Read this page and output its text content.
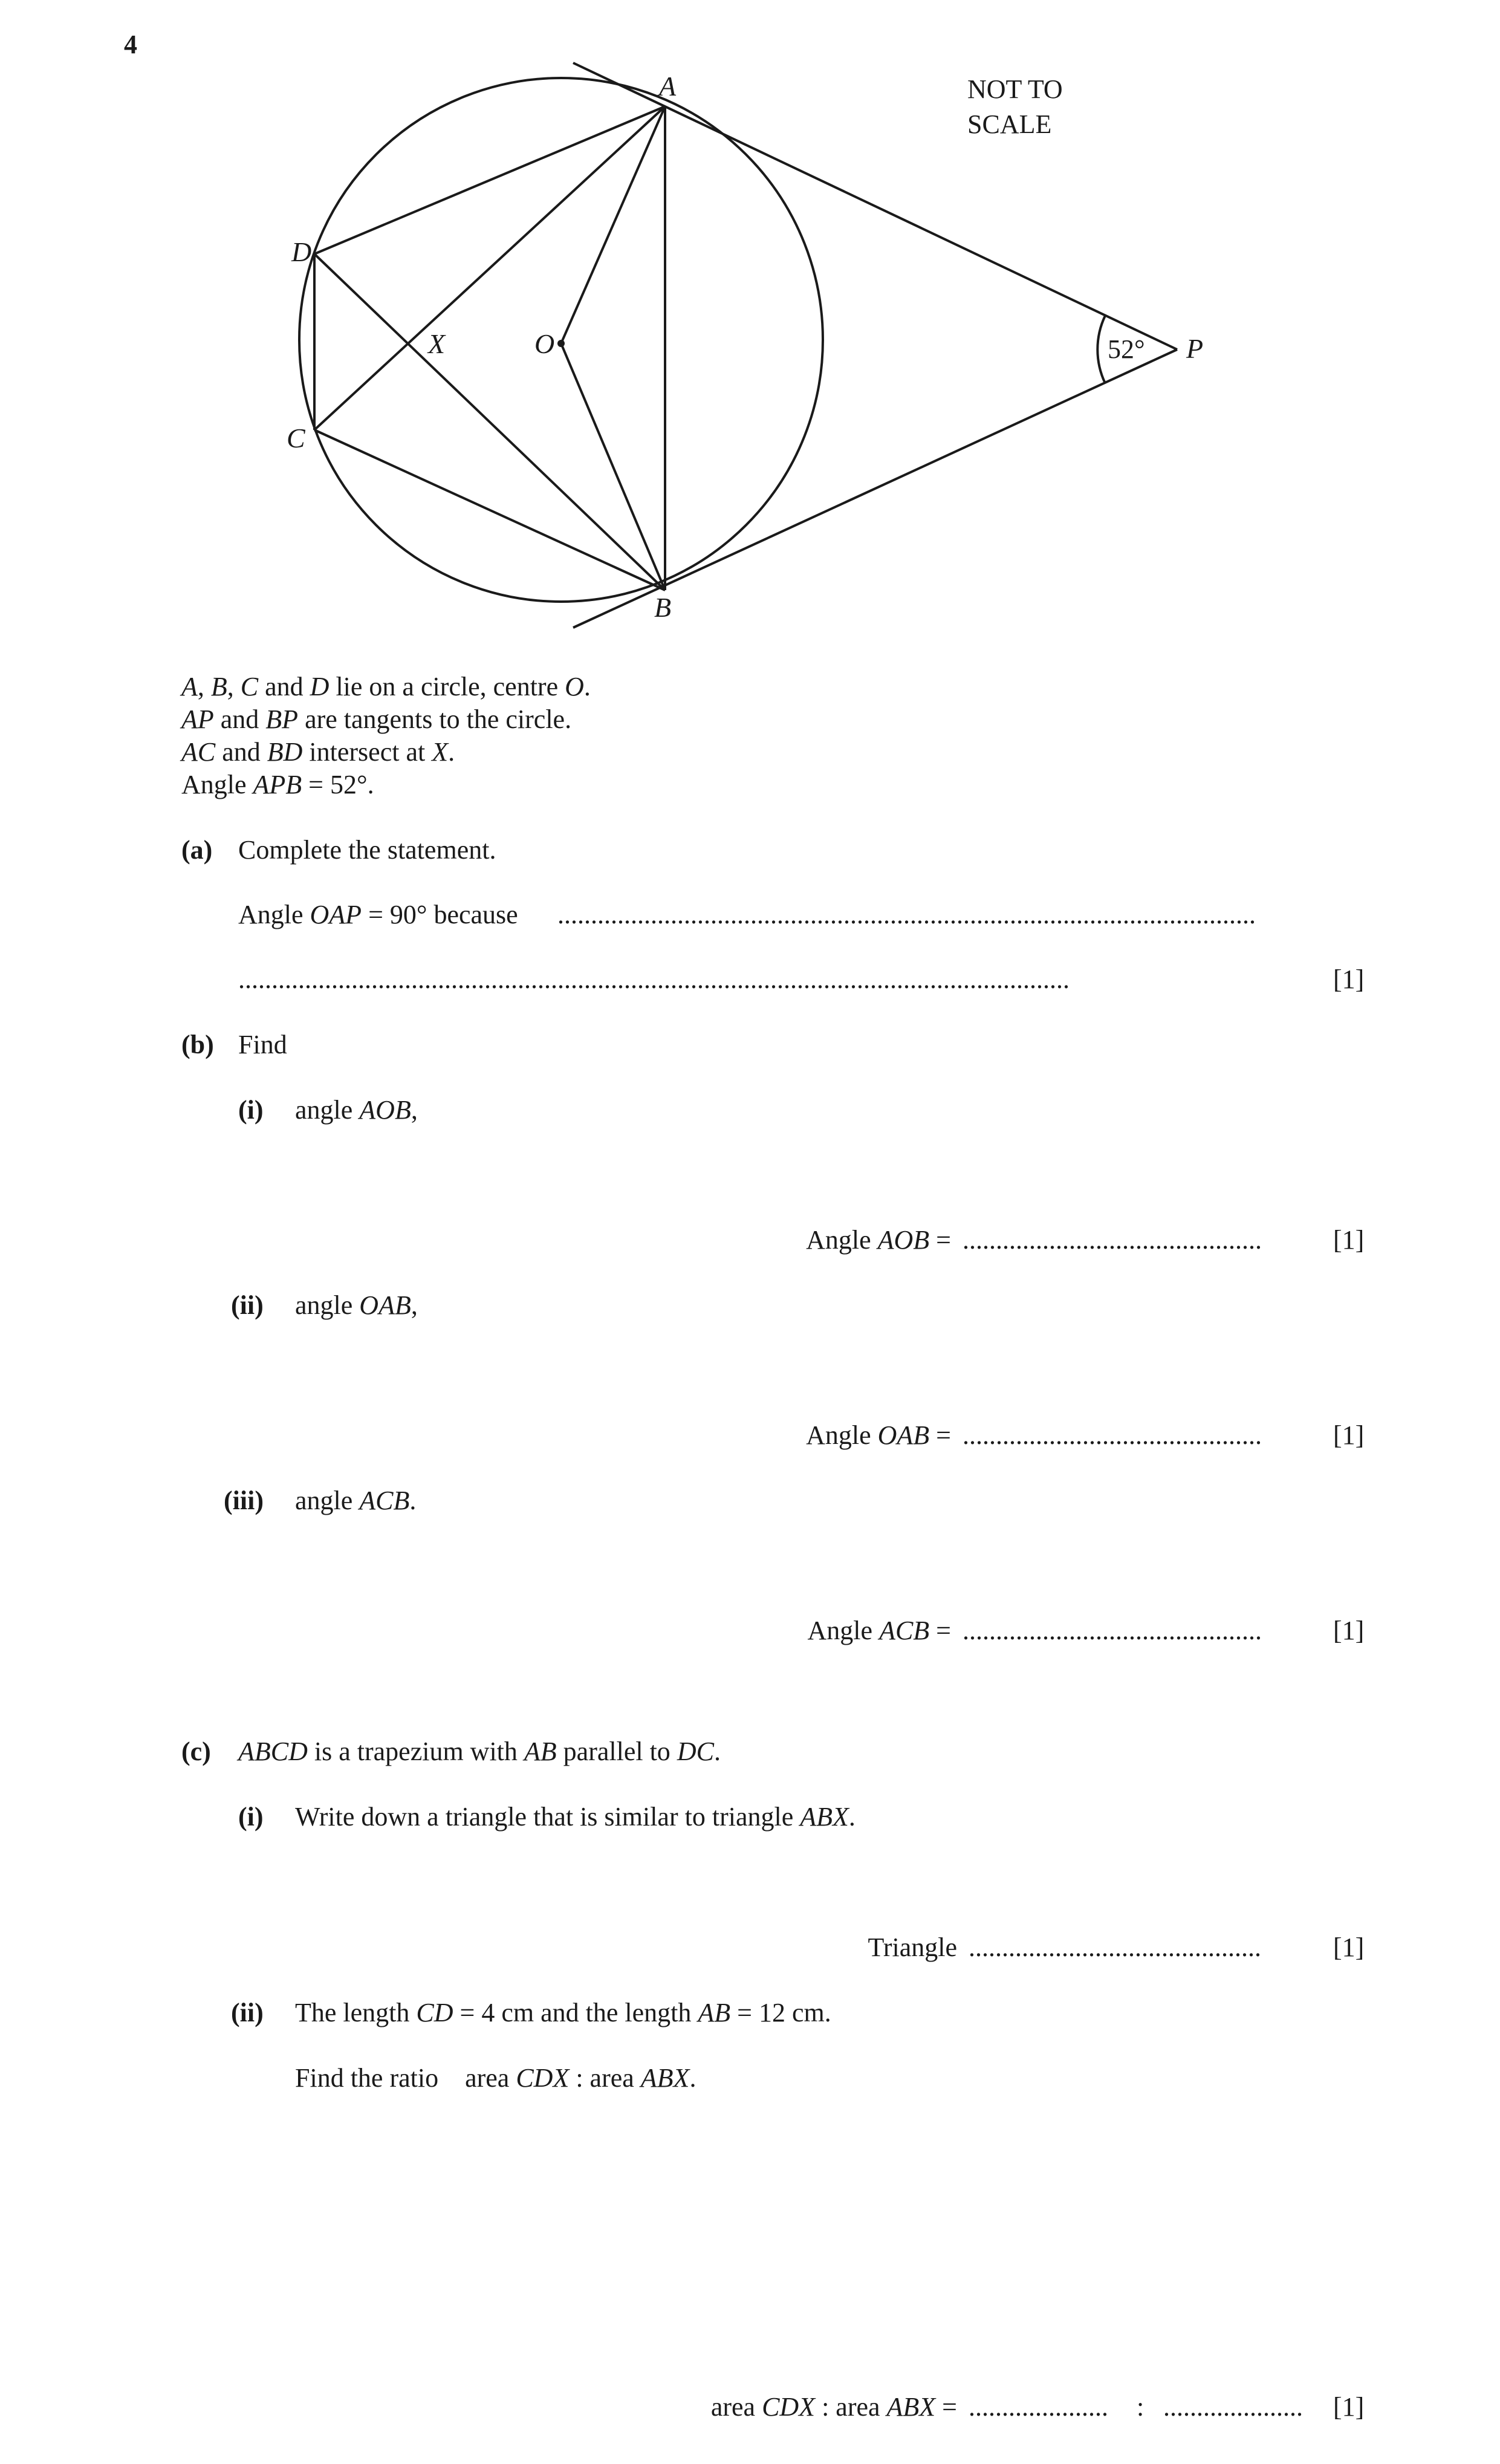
4
A
B
C
D
O
X	P
52°
NOT TO
SCALE
A, B, C and D lie on a circle, centre O.
AP and BP are tangents to the circle.
AC and BD intersect at X.
Angle APB = 52°.
(a) Complete the statement.
Angle OAP = 90° because .........................................................................................................
.............................................................................................................................	[1]
(b) Find
(i) angle AOB,
Angle AOB = .............................................	[1]
(ii) angle OAB,
Angle OAB = .............................................	[1]
(iii) angle ACB.
Angle ACB = .............................................	[1]
(c) ABCD is a trapezium with AB parallel to DC.
(i) Write down a triangle that is similar to triangle ABX.
Triangle ............................................	[1]
(ii) The length CD = 4 cm and the length AB = 12 cm.
Find the ratio    area CDX : area ABX.
area CDX : area ABX = ..................... : ..................... [1]
